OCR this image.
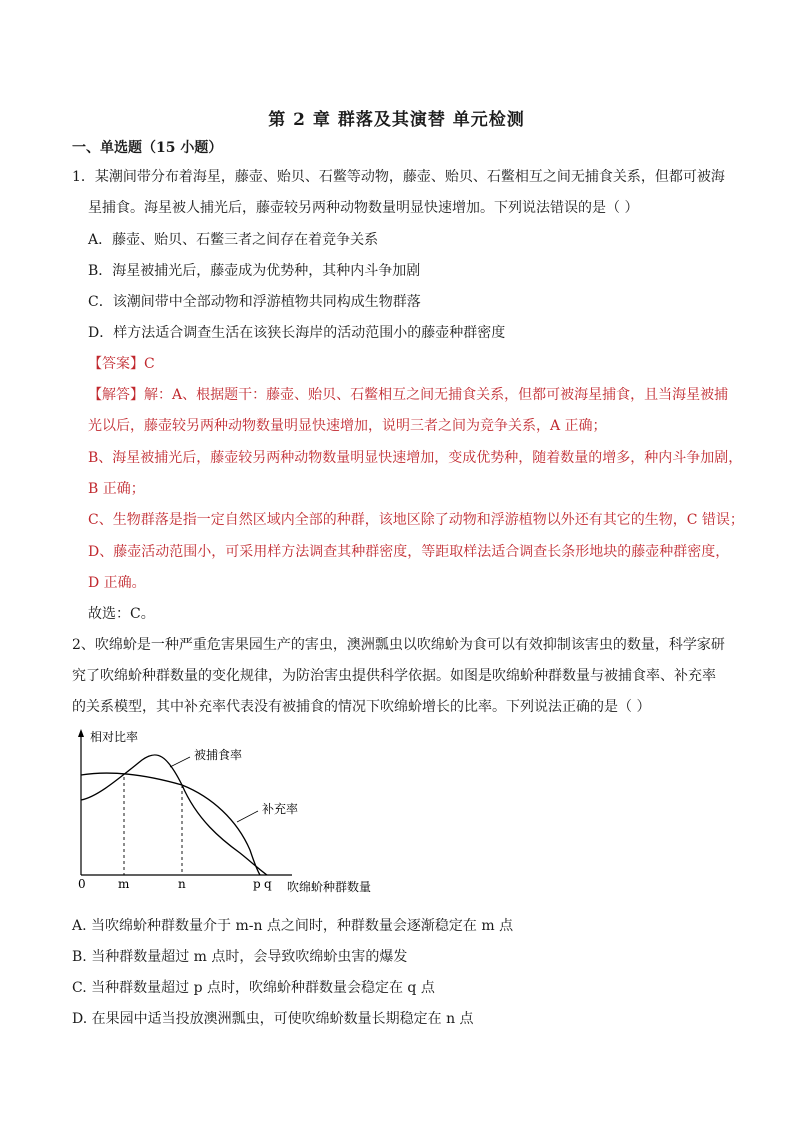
第 2 章 群落及其演替 单元检测
一、单选题（15 小题）
1．某潮间带分布着海星，藤壶、贻贝、石鳖等动物，藤壶、贻贝、石鳖相互之间无捕食关系，但都可被海
星捕食。海星被人捕光后，藤壶较另两种动物数量明显快速增加。下列说法错误的是（ ）
A．藤壶、贻贝、石鳖三者之间存在着竞争关系
B．海星被捕光后，藤壶成为优势种，其种内斗争加剧
C．该潮间带中全部动物和浮游植物共同构成生物群落
D．样方法适合调查生活在该狭长海岸的活动范围小的藤壶种群密度
【答案】C
【解答】解：A、根据题干：藤壶、贻贝、石鳖相互之间无捕食关系，但都可被海星捕食，且当海星被捕
光以后，藤壶较另两种动物数量明显快速增加，说明三者之间为竞争关系，A 正确；
B、海星被捕光后，藤壶较另两种动物数量明显快速增加，变成优势种，随着数量的增多，种内斗争加剧，
B 正确；
C、生物群落是指一定自然区域内全部的种群，该地区除了动物和浮游植物以外还有其它的生物，C 错误；
D、藤壶活动范围小，可采用样方法调查其种群密度，等距取样法适合调查长条形地块的藤壶种群密度，
D 正确。
故选：C。
2、吹绵蚧是一种严重危害果园生产的害虫，澳洲瓢虫以吹绵蚧为食可以有效抑制该害虫的数量，科学家研
究了吹绵蚧种群数量的变化规律，为防治害虫提供科学依据。如图是吹绵蚧种群数量与被捕食率、补充率
的关系模型，其中补充率代表没有被捕食的情况下吹绵蚧增长的比率。下列说法正确的是（ ）
相对比率
吹绵蚧种群数量
被捕食率
补充率
0	m	n	p q
A. 当吹绵蚧种群数量介于 m-n 点之间时，种群数量会逐渐稳定在 m 点
B. 当种群数量超过 m 点时，会导致吹绵蚧虫害的爆发
C. 当种群数量超过 p 点时，吹绵蚧种群数量会稳定在 q 点
D. 在果园中适当投放澳洲瓢虫，可使吹绵蚧数量长期稳定在 n 点
